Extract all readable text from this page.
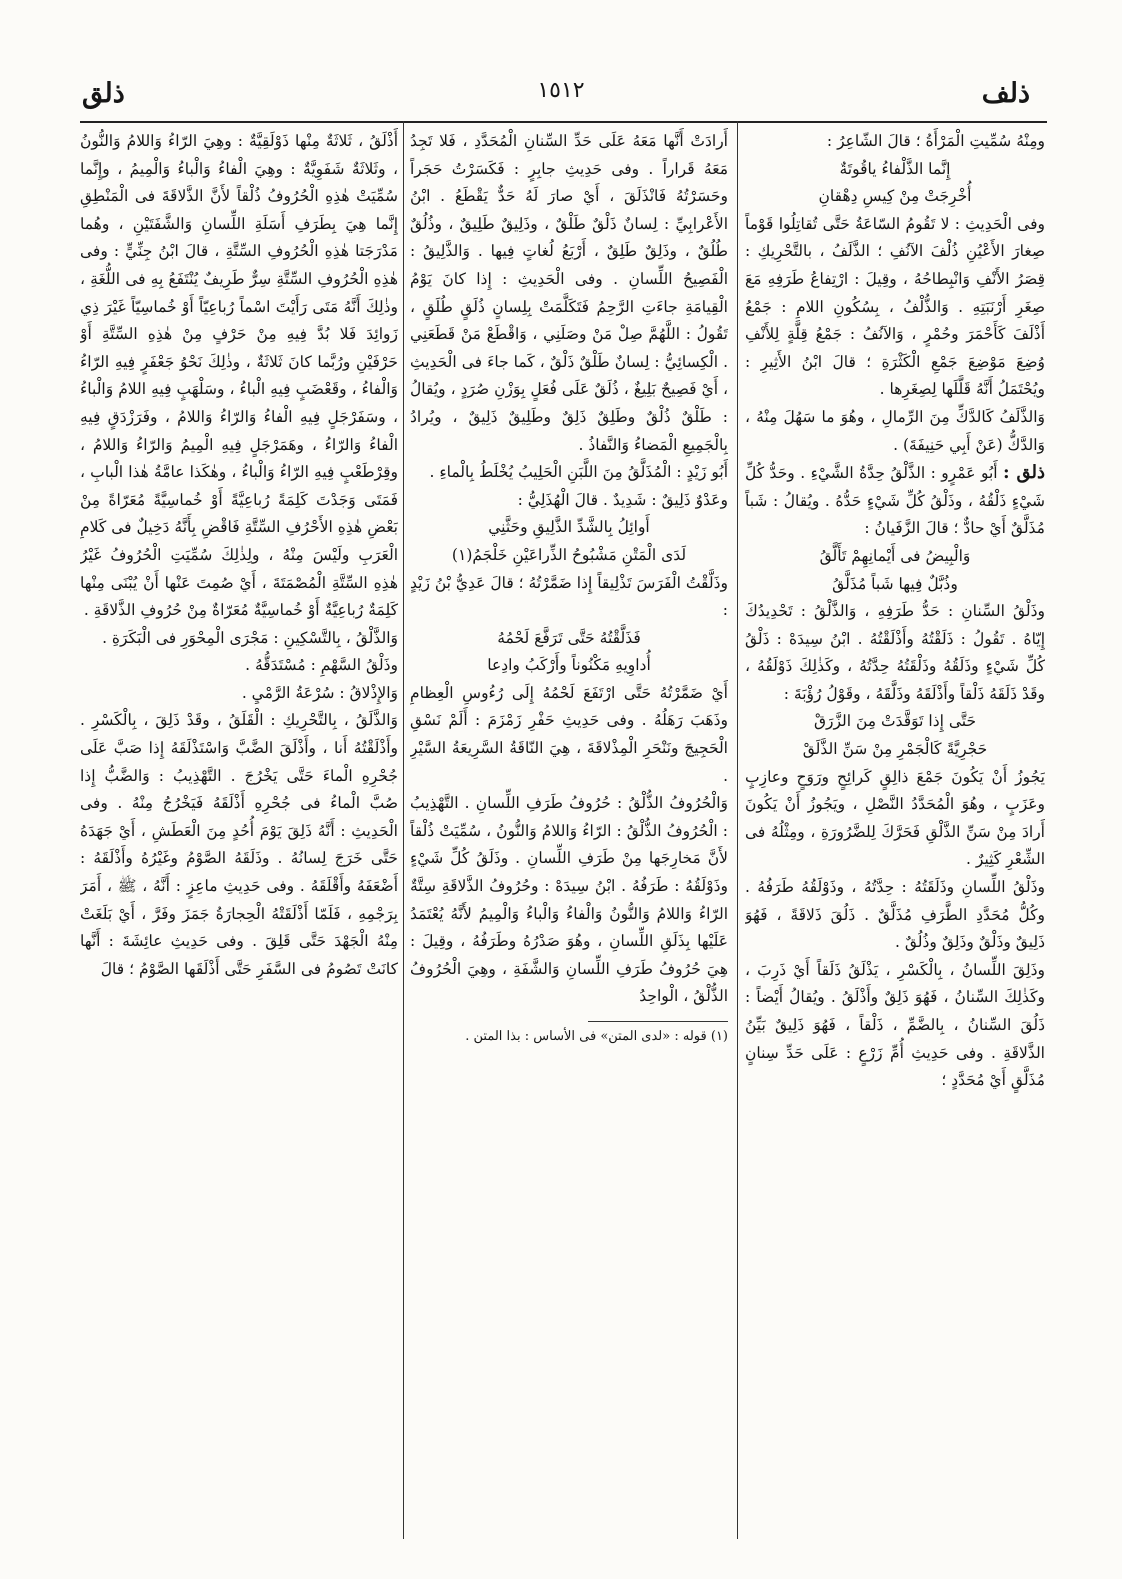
ذلف
١٥١٢
ذلق

ومِنْهُ سُمِّيتِ الْمَرْأَةُ ؛ قالَ الشّاعِرُ :

إِنَّما الذَّلْفاءُ ياقُوتَةٌ

أُخْرِجَتْ مِنْ كِيسِ دِهْقانِ

وفى الْحَدِيثِ : لا تَقُومُ السّاعَةُ حَتَّى تُقاتِلُوا قَوْماً صِغارَ الأَعْيُنِ ذُلْفَ الآنُفِ ؛ الذَّلَفُ ، بالتَّحْرِيكِ : قِصَرُ الأَنْفِ وَانْبِطاحُهُ ، وقِيلَ : ارْتِفاعُ طَرَفِهِ مَعَ صِغَرِ أَرْنَبَتِهِ . وَالذُّلْفُ ، بِسُكُونِ اللامِ : جَمْعُ أَذْلَفَ كَأَحْمَرَ وحُمْرٍ ، وَالآنُفُ : جَمْعُ قِلَّةٍ لِلأَنْفِ وُضِعَ مَوْضِعَ جَمْعِ الْكَثْرَةِ ؛ قالَ ابْنُ الأَثِيرِ : ويُحْتَمَلُ أَنَّهُ قَلَّلَها لِصِغَرِها .

وَالذَّلَفُ كَالدَّكِّ مِنَ الرِّمالِ ، وهُوَ ما سَهُلَ مِنْهُ ، وَالدَّكُّ (عَنْ أَبِي حَنِيفَةَ) .

ذلق : أَبُو عَمْرٍو : الذَّلْقُ حِدَّةُ الشَّيْءِ . وحَدُّ كُلِّ شَيْءٍ ذَلْقُهُ ، وذَلْقُ كُلِّ شَيْءٍ حَدُّهُ . ويُقالُ : شَباً مُذَلَّقٌ أَيْ حادٌّ ؛ قالَ الزَّفَيانُ :

وَالْبِيضُ فى أَيْمانِهِمْ تَأَلَّقُ

وذُبَّلٌ فِيها شَباً مُذَلَّقُ

وذَلْقُ السِّنانِ : حَدُّ طَرَفِهِ ، وَالذَّلْقُ : تَحْدِيدُكَ إِيّاهُ . تَقُولُ : ذَلَقْتُهُ وأَذْلَقْتُهُ . ابْنُ سِيدَهْ : ذَلْقُ كُلِّ شَيْءٍ وذَلَقُهُ وذَلْقَتُهُ حِدَّتُهُ ، وكَذٰلِكَ ذَوْلَقُهُ ، وقَدْ ذَلَقَهُ ذَلْقاً وأَذْلَقَهُ وذَلَّقَهُ ، وقَوْلُ رُؤْبَةَ :

حَتَّى إِذا تَوَقَّدَتْ مِنَ الزَّرَقْ

حَجْرِيَّةً كَالْجَمْرِ مِنْ سَنِّ الذَّلَقْ

يَجُوزُ أَنْ يَكُونَ جَمْعَ ذالِقٍ كَرائِحٍ ورَوَحٍ وعازِبٍ وعَزَبٍ ، وهُوَ الْمُحَدَّدُ النَّصْلِ ، ويَجُوزُ أَنْ يَكُونَ أَرادَ مِنْ سَنِّ الذَّلْقِ فَحَرَّكَ لِلضَّرُورَةِ ، ومِثْلُهُ فى الشِّعْرِ كَثِيرٌ .

وذَلْقُ اللِّسانِ وذَلَقَتُهُ : حِدَّتُهُ ، وذَوْلَقُهُ طَرَفُهُ . وكُلُّ مُحَدَّدِ الطَّرَفِ مُذَلَّقٌ . ذَلُقَ ذَلاقَةً ، فَهُوَ ذَلِيقٌ وذَلْقٌ وذَلِقٌ وذُلُقٌ .

وذَلِقَ اللِّسانُ ، بِالْكَسْرِ ، يَذْلَقُ ذَلَقاً أَيْ ذَرِبَ ، وكَذٰلِكَ السِّنانُ ، فَهُوَ ذَلِقٌ وأَذْلَقُ . ويُقالُ أَيْضاً : ذَلُقَ السِّنانُ ، بِالضَّمِّ ، ذَلْقاً ، فَهُوَ ذَلِيقٌ بَيِّنُ الذَّلاقَةِ . وفى حَدِيثِ أُمِّ زَرْعٍ : عَلَى حَدِّ سِنانٍ مُذَلَّقٍ أَيْ مُحَدَّدٍ ؛

أَرادَتْ أَنَّها مَعَهُ عَلَى حَدِّ السِّنانِ الْمُحَدَّدِ ، فَلا تَجِدُ مَعَهُ قَراراً . وفى حَدِيثِ جابِرٍ : فَكَسَرْتُ حَجَراً وحَسَرْتُهُ فَانْذَلَقَ ، أَيْ صارَ لَهُ حَدٌّ يَقْطَعُ . ابْنُ الأَعْرابِيِّ : لِسانٌ ذَلْقٌ طَلْقٌ ، وذَلِيقٌ طَلِيقٌ ، وذُلُقٌ طُلُقٌ ، وذَلِقٌ طَلِقٌ ، أَرْبَعُ لُغاتٍ فِيها . وَالذَّلِيقُ : الْفَصِيحُ اللِّسانِ . وفى الْحَدِيثِ : إِذا كانَ يَوْمُ الْقِيامَةِ جاءَتِ الرَّحِمُ فَتَكَلَّمَتْ بِلِسانٍ ذُلَقٍ طُلَقٍ ، تَقُولُ : اللَّهُمَّ صِلْ مَنْ وصَلَنِي ، وَاقْطَعْ مَنْ قَطَعَنِي . الْكِسائِيُّ : لِسانٌ طَلْقٌ ذَلْقٌ ، كَما جاءَ فى الْحَدِيثِ ، أَيْ فَصِيحٌ بَلِيغٌ ، ذُلَقٌ عَلَى فُعَلٍ بِوَزْنِ صُرَدٍ ، ويُقالُ : طَلْقٌ ذُلْقٌ وطَلِقٌ ذَلِقٌ وطَلِيقٌ ذَلِيقٌ ، ويُرادُ بِالْجَمِيعِ الْمَضاءُ وَالنَّفاذُ .

أَبُو زَيْدٍ : الْمُذَلَّقُ مِنَ اللَّبَنِ الْحَلِيبُ يُخْلَطُ بِالْماءِ .

وعَدْوٌ ذَلِيقٌ : شَدِيدٌ . قالَ الْهُذَلِيُّ :

أَوائِلُ بِالشَّدِّ الذَّلِيقِ وحَثَّنِي

لَدَى الْمَتْنِ مَشْبُوحُ الذِّراعَيْنِ خَلْجَمُ(١)

وذَلَّقْتُ الْفَرَسَ تَذْلِيقاً إِذا ضَمَّرْتُهُ ؛ قالَ عَدِيُّ بْنُ زَيْدٍ :

فَذَلَّقْتُهُ حَتَّى تَرَفَّعَ لَحْمُهُ

أُداوِيهِ مَكْنُوناً وأَرْكَبُ وادِعا

أَيْ ضَمَّرْتُهُ حَتَّى ارْتَفَعَ لَحْمُهُ إِلَى رُءُوسِ الْعِظامِ وذَهَبَ رَهَلُهُ . وفى حَدِيثِ حَفْرِ زَمْزَمَ : أَلَمْ نَسْقِ الْحَجِيجَ ونَنْحَرِ الْمِذْلاقَةَ ، هِيَ النّاقَةُ السَّرِيعَةُ السَّيْرِ .

وَالْحُرُوفُ الذُّلْقُ : حُرُوفُ طَرَفِ اللِّسانِ . التَّهْذِيبُ : الْحُرُوفُ الذُّلْقُ : الرّاءُ وَاللامُ وَالنُّونُ ، سُمِّيَتْ ذُلْقاً لأَنَّ مَخارِجَها مِنْ طَرَفِ اللِّسانِ . وذَلَقُ كُلِّ شَيْءٍ وذَوْلَقُهُ : طَرَفُهُ . ابْنُ سِيدَهْ : وحُرُوفُ الذَّلاقَةِ سِتَّةٌ الرّاءُ وَاللامُ وَالنُّونُ وَالْفاءُ وَالْباءُ وَالْمِيمُ لأَنَّهُ يُعْتَمَدُ عَلَيْها بِذَلَقِ اللِّسانِ ، وهُوَ صَدْرُهُ وطَرَفُهُ ، وقِيلَ : هِيَ حُرُوفُ طَرَفِ اللِّسانِ وَالشَّفَةِ ، وهِيَ الْحُرُوفُ الذُّلْقُ ، الْواحِدُ

(١) قوله : «لدى المتن» فى الأساس : بذا المتن .

أَذْلَقُ ، ثَلاثَةٌ مِنْها ذَوْلَقِيَّةٌ : وهِيَ الرّاءُ وَاللامُ وَالنُّونُ ، وثَلاثَةٌ شَفَوِيَّةٌ : وهِيَ الْفاءُ وَالْباءُ وَالْمِيمُ ، وإِنَّما سُمِّيَتْ هٰذِهِ الْحُرُوفُ ذُلْقاً لأَنَّ الذَّلاقَةَ فى الْمَنْطِقِ إِنَّما هِيَ بِطَرَفِ أَسَلَةِ اللِّسانِ وَالشَّفَتَيْنِ ، وهُما مَدْرَجَتا هٰذِهِ الْحُرُوفِ السِّتَّةِ ، قالَ ابْنُ جِنِّيٍّ : وفى هٰذِهِ الْحُرُوفِ السِّتَّةِ سِرٌّ طَرِيفٌ يُنْتَفَعُ بِهِ فى اللُّغَةِ ، وذٰلِكَ أَنَّهُ مَتَى رَأَيْتَ اسْماً رُباعِيّاً أَوْ خُماسِيّاً غَيْرَ ذِي زَوائِدَ فَلا بُدَّ فِيهِ مِنْ حَرْفٍ مِنْ هٰذِهِ السِّتَّةِ أَوْ حَرْفَيْنِ ورُبَّما كانَ ثَلاثَةٌ ، وذٰلِكَ نَحْوُ جَعْفَرٍ فِيهِ الرّاءُ وَالْفاءُ ، وقَعْضَبٍ فِيهِ الْباءُ ، وسَلْهَبٍ فِيهِ اللامُ وَالْباءُ ، وسَفَرْجَلٍ فِيهِ الْفاءُ وَالرّاءُ وَاللامُ ، وفَرَزْدَقٍ فِيهِ الْفاءُ وَالرّاءُ ، وهَمَرْجَلٍ فِيهِ الْمِيمُ وَالرّاءُ وَاللامُ ، وقِرْطَعْبٍ فِيهِ الرّاءُ وَالْباءُ ، وهٰكَذا عامَّةُ هٰذا الْبابِ ، فَمَتَى وَجَدْتَ كَلِمَةً رُباعِيَّةً أَوْ خُماسِيَّةً مُعَرّاةً مِنْ بَعْضِ هٰذِهِ الأَحْرُفِ السِّتَّةِ فَاقْضِ بِأَنَّهُ دَخِيلٌ فى كَلامِ الْعَرَبِ ولَيْسَ مِنْهُ ، ولِذٰلِكَ سُمِّيَتِ الْحُرُوفُ غَيْرُ هٰذِهِ السِّتَّةِ الْمُصْمَتَةَ ، أَيْ صُمِتَ عَنْها أَنْ يُبْنَى مِنْها كَلِمَةٌ رُباعِيَّةٌ أَوْ خُماسِيَّةٌ مُعَرّاةٌ مِنْ حُرُوفِ الذَّلاقَةِ .

وَالذَّلْقُ ، بِالتَّسْكِينِ : مَجْرَى الْمِحْوَرِ فى الْبَكَرَةِ .

وذَلْقُ السَّهْمِ : مُسْتَدَقُّهُ .

وَالإِذْلاقُ : سُرْعَةُ الرَّمْيِ .

وَالذَّلَقُ ، بِالتَّحْرِيكِ : الْقَلَقُ ، وقَدْ ذَلِقَ ، بِالْكَسْرِ . وأَذْلَقْتُهُ أَنا ، وأَذْلَقَ الضَّبَّ وَاسْتَذْلَقَهُ إِذا صَبَّ عَلَى جُحْرِهِ الْماءَ حَتَّى يَخْرُجَ . التَّهْذِيبُ : وَالضَّبُّ إِذا صُبَّ الْماءُ فى جُحْرِهِ أَذْلَقَهُ فَيَخْرُجُ مِنْهُ . وفى الْحَدِيثِ : أَنَّهُ ذَلِقَ يَوْمَ أُحُدٍ مِنَ الْعَطَشِ ، أَيْ جَهَدَهُ حَتَّى خَرَجَ لِسانُهُ . وذَلَقَهُ الصَّوْمُ وغَيْرُهُ وأَذْلَقَهُ : أَضْعَفَهُ وأَقْلَقَهُ . وفى حَدِيثِ ماعِزٍ : أَنَّهُ ، ﷺ ، أَمَرَ بِرَجْمِهِ ، فَلَمّا أَذْلَقَتْهُ الْحِجارَةُ جَمَزَ وفَرَّ ، أَيْ بَلَغَتْ مِنْهُ الْجَهْدَ حَتَّى قَلِقَ . وفى حَدِيثِ عائِشَةَ : أَنَّها كانَتْ تَصُومُ فى السَّفَرِ حَتَّى أَذْلَقَها الصَّوْمُ ؛ قالَ
